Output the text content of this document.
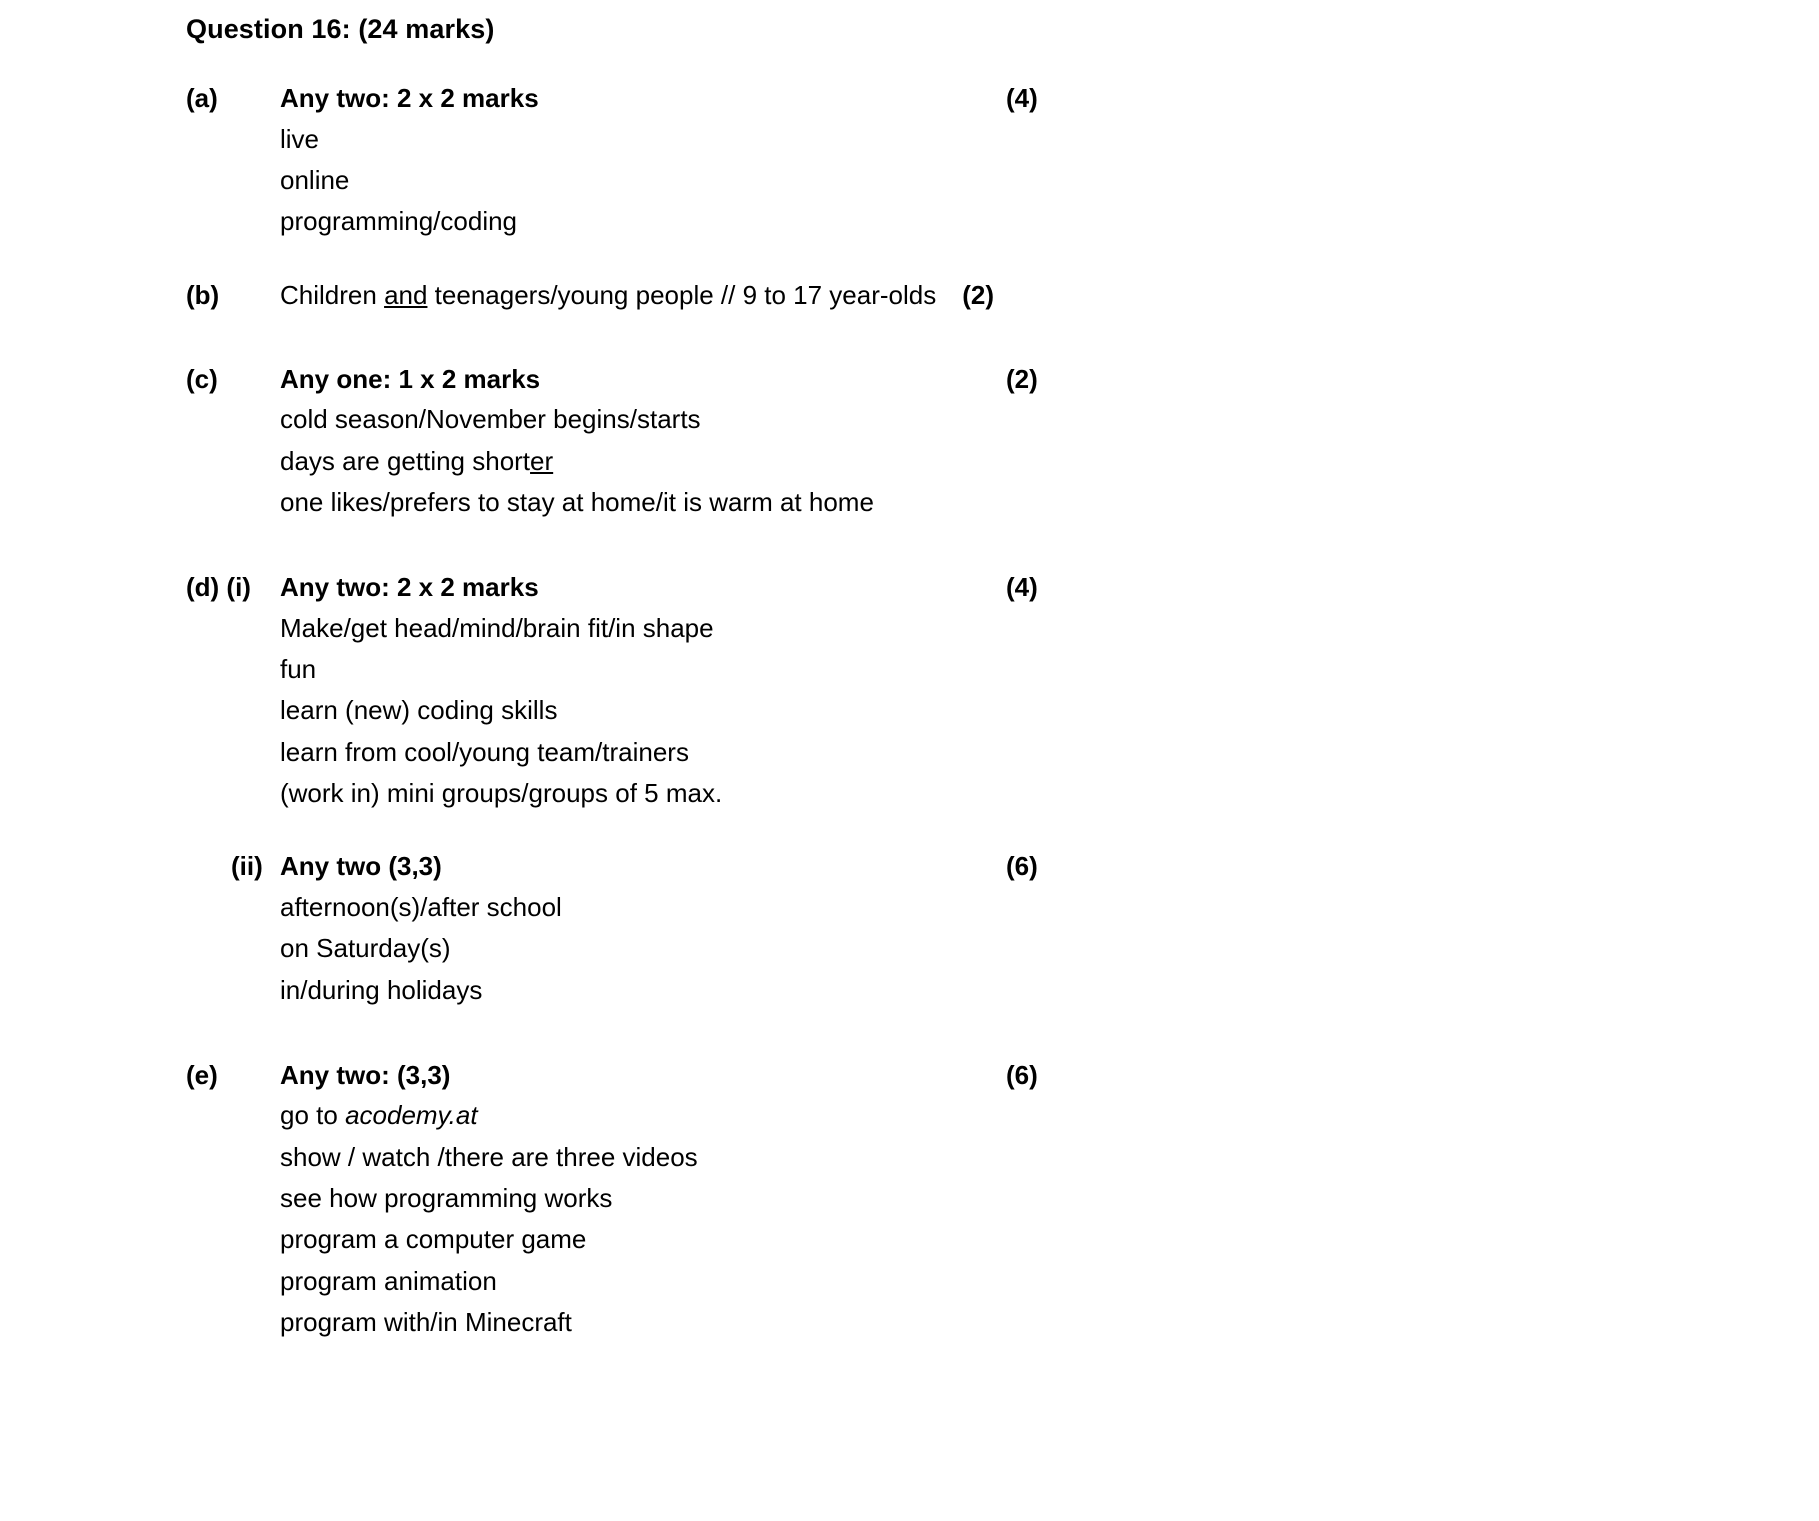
Question 16: (24 marks)
(a)	Any two: 2 x 2 marks	(4)
live
online
programming/coding
(b)	Children and teenagers/young people // 9 to 17 year-olds (2)
(c)	Any one: 1 x 2 marks	(2)
cold season/November begins/starts
days are getting shorter
one likes/prefers to stay at home/it is warm at home
(d) (i)	Any two: 2 x 2 marks	(4)
Make/get head/mind/brain fit/in shape
fun
learn (new) coding skills
learn from cool/young team/trainers
(work in) mini groups/groups of 5 max.
(ii) Any two (3,3)	(6)
afternoon(s)/after school
on Saturday(s)
in/during holidays
(e)	Any two: (3,3)	(6)
go to acodemy.at
show / watch /there are three videos
see how programming works
program a computer game
program animation
program with/in Minecraft
